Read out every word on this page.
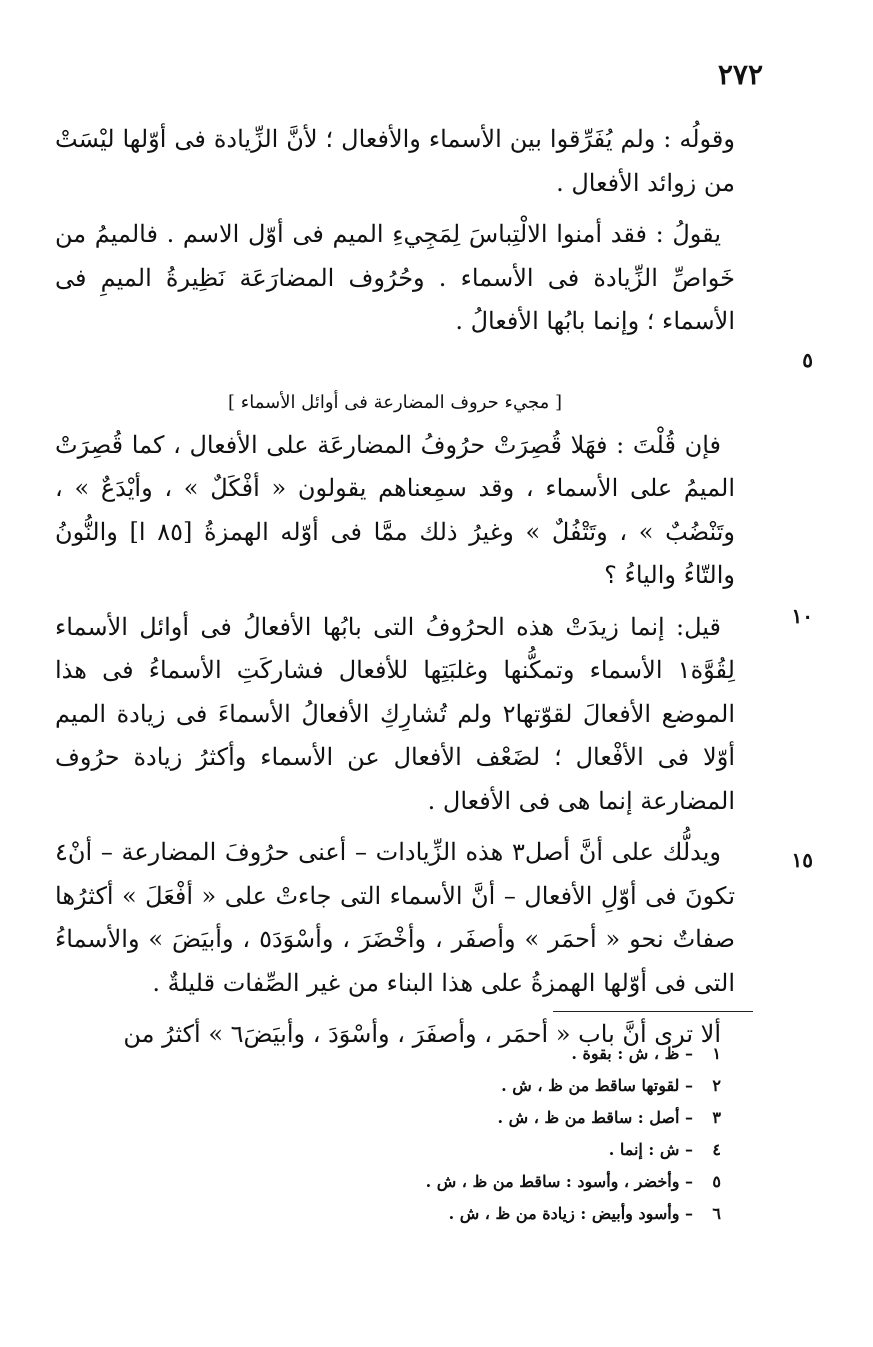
٢٧٢

وقولُه : ولم يُفَرِّقوا بين الأسماء والأفعال ؛ لأنَّ الزِّيادة فى أوّلها ليْسَتْ من زوائد الأفعال .

يقولُ : فقد أمنوا الالْتِباسَ لِمَجِيءِ الميم فى أوّل الاسم . فالميمُ من خَواصِّ الزِّيادة فى الأسماء . وحُرُوف المضارَعَة نَظِيرةُ الميمِ فى الأسماء ؛ وإنما بابُها الأفعالُ .

[ مجيء حروف المضارعة فى أوائل الأسماء ]

فإن قُلْتَ : فهَلا قُصِرَتْ حرُوفُ المضارعَة على الأفعال ، كما قُصِرَتْ الميمُ على الأسماء ، وقد سمِعناهم يقولون « أفْكَلٌ » ، وأيْدَعٌ » ، وتَنْضُبٌ » ، وتَتْفُلٌ » وغيرُ ذلك ممَّا فى أوّله الهمزةُ [٨٥ ا] والنُّونُ والتّاءُ والياءُ ؟

قيل: إنما زيدَتْ هذه الحرُوفُ التى بابُها الأفعالُ فى أوائل الأسماء لِقُوَّة١ الأسماء وتمكُّنها وغلبَتِها للأفعال فشاركَتِ الأسماءُ فى هذا الموضع الأفعالَ لقوّتها٢ ولم تُشارِكِ الأفعالُ الأسماءَ فى زيادة الميم أوّلا فى الأفْعال ؛ لضَعْف الأفعال عن الأسماء وأكثرُ زيادة حرُوف المضارعة إنما هى فى الأفعال .

ويدلُّك على أنَّ أصل٣ هذه الزِّيادات – أعنى حرُوفَ المضارعة – أنْ٤ تكونَ فى أوّلِ الأفعال – أنَّ الأسماء التى جاءتْ على « أفْعَلَ » أكثرُها صفاتٌ نحو « أحمَر » وأصفَر ، وأخْضَرَ ، وأسْوَدَ٥ ، وأبيَضَ » والأسماءُ التى فى أوّلها الهمزةُ على هذا البناء من غير الصِّفات قليلةٌ .

ألا ترى أنَّ باب « أحمَر ، وأصفَرَ ، وأسْوَدَ ، وأبيَضَ٦ » أكثرُ من

٥
١٠
١٥
١– ظ ، ش : بقوة .
٢– لقوتها ساقط من ظ ، ش .
٣– أصل : ساقط من ظ ، ش .
٤– ش : إنما .
٥– وأخضر ، وأسود : ساقط من ظ ، ش .
٦– وأسود وأبيض : زيادة من ظ ، ش .
